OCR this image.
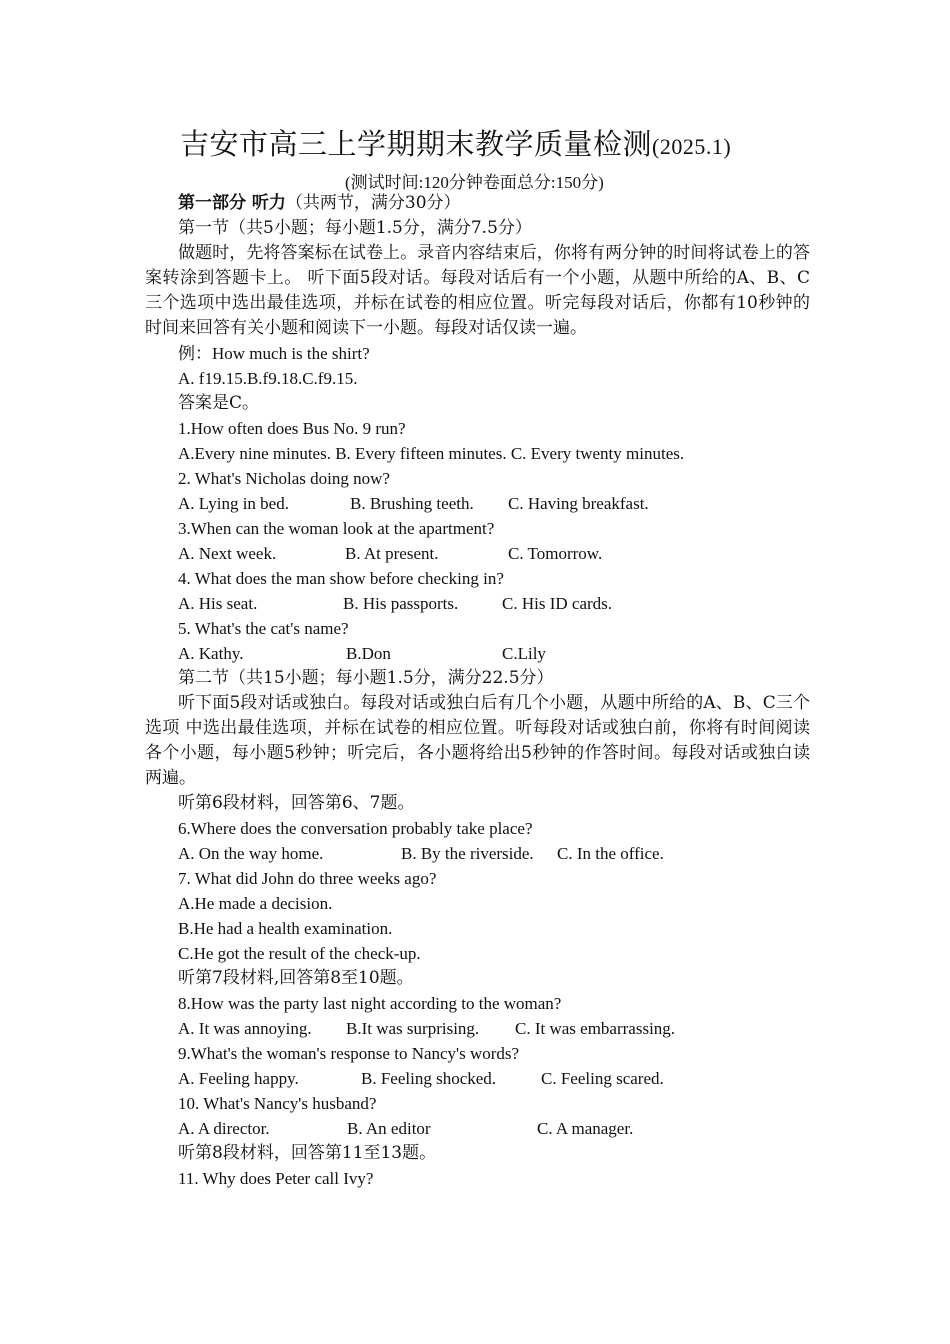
吉安市高三上学期期末教学质量检测(2025.1)
(测试时间:120分钟卷面总分:150分)
第一部分 听力（共两节，满分30分）
第一节（共5小题；每小题1.5分，满分7.5分）

做题时，先将答案标在试卷上。录音内容结束后，你将有两分钟的时间将试卷上的答案转涂到答题卡上。 听下面5段对话。每段对话后有一个小题，从题中所给的A、B、C三个选项中选出最佳选项，并标在试卷的相应位置。听完每段对话后，你都有10秒钟的时间来回答有关小题和阅读下一小题。每段对话仅读一遍。

例：How much is the shirt?
A. f19.15.B.f9.18.C.f9.15.
答案是C。
1.How often does Bus No. 9 run?
A.Every nine minutes. B. Every fifteen minutes. C. Every twenty minutes.
2. What's Nicholas doing now?
A. Lying in bed.	B. Brushing teeth. C. Having breakfast.
3.When can the woman look at the apartment?
A. Next week.	B. At present.	C. Tomorrow.
4. What does the man show before checking in?
A. His seat.	B. His passports.	C. His ID cards.
5. What's the cat's name?
A. Kathy.	B.Don	C.Lily
第二节（共15小题；每小题1.5分，满分22.5分）

听下面5段对话或独白。每段对话或独白后有几个小题，从题中所给的A、B、C三个选项 中选出最佳选项，并标在试卷的相应位置。听每段对话或独白前，你将有时间阅读各个小题，每小题5秒钟；听完后，各小题将给出5秒钟的作答时间。每段对话或独白读两遍。

听第6段材料，回答第6、7题。
6.Where does the conversation probably take place?
A. On the way home.	B. By the riverside. C. In the office.
7. What did John do three weeks ago?
A.He made a decision.
B.He had a health examination.
C.He got the result of the check-up.
听第7段材料,回答第8至10题。
8.How was the party last night according to the woman?
A. It was annoying. B.It was surprising. C. It was embarrassing.
9.What's the woman's response to Nancy's words?
A. Feeling happy.	B. Feeling shocked.	C. Feeling scared.
10. What's Nancy's husband?
A. A director.	B. An editor	C. A manager.
听第8段材料，回答第11至13题。
11. Why does Peter call Ivy?
